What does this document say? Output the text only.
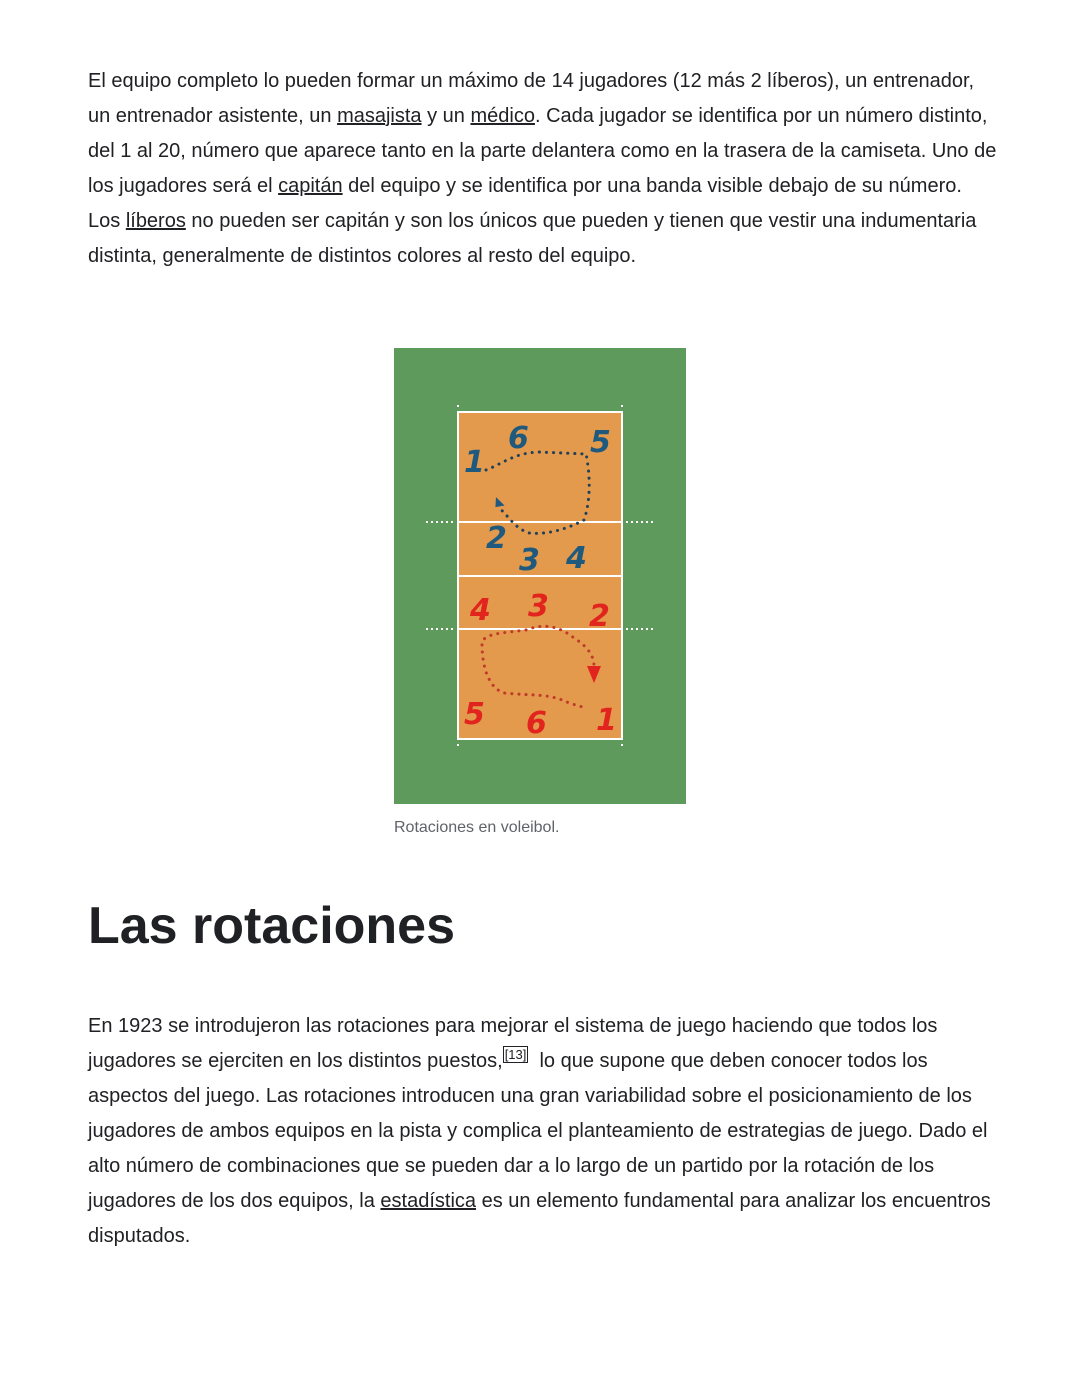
El equipo completo lo pueden formar un máximo de 14 jugadores (12 más 2 líberos), un entrenador, un entrenador asistente, un masajista y un médico. Cada jugador se identifica por un número distinto, del 1 al 20, número que aparece tanto en la parte delantera como en la trasera de la camiseta. Uno de los jugadores será el capitán del equipo y se identifica por una banda visible debajo de su número. Los líberos no pueden ser capitán y son los únicos que pueden y tienen que vestir una indumentaria distinta, generalmente de distintos colores al resto del equipo.

1
6 5
2
3 4
4 3 2
5 6 1
Rotaciones en voleibol.
Las rotaciones

En 1923 se introdujeron las rotaciones para mejorar el sistema de juego haciendo que todos los jugadores se ejerciten en los distintos puestos, [13]  lo que supone que deben conocer todos los aspectos del juego. Las rotaciones introducen una gran variabilidad sobre el posicionamiento de los jugadores de ambos equipos en la pista y complica el planteamiento de estrategias de juego. Dado el alto número de combinaciones que se pueden dar a lo largo de un partido por la rotación de los jugadores de los dos equipos, la estadística es un elemento fundamental para analizar los encuentros disputados.
